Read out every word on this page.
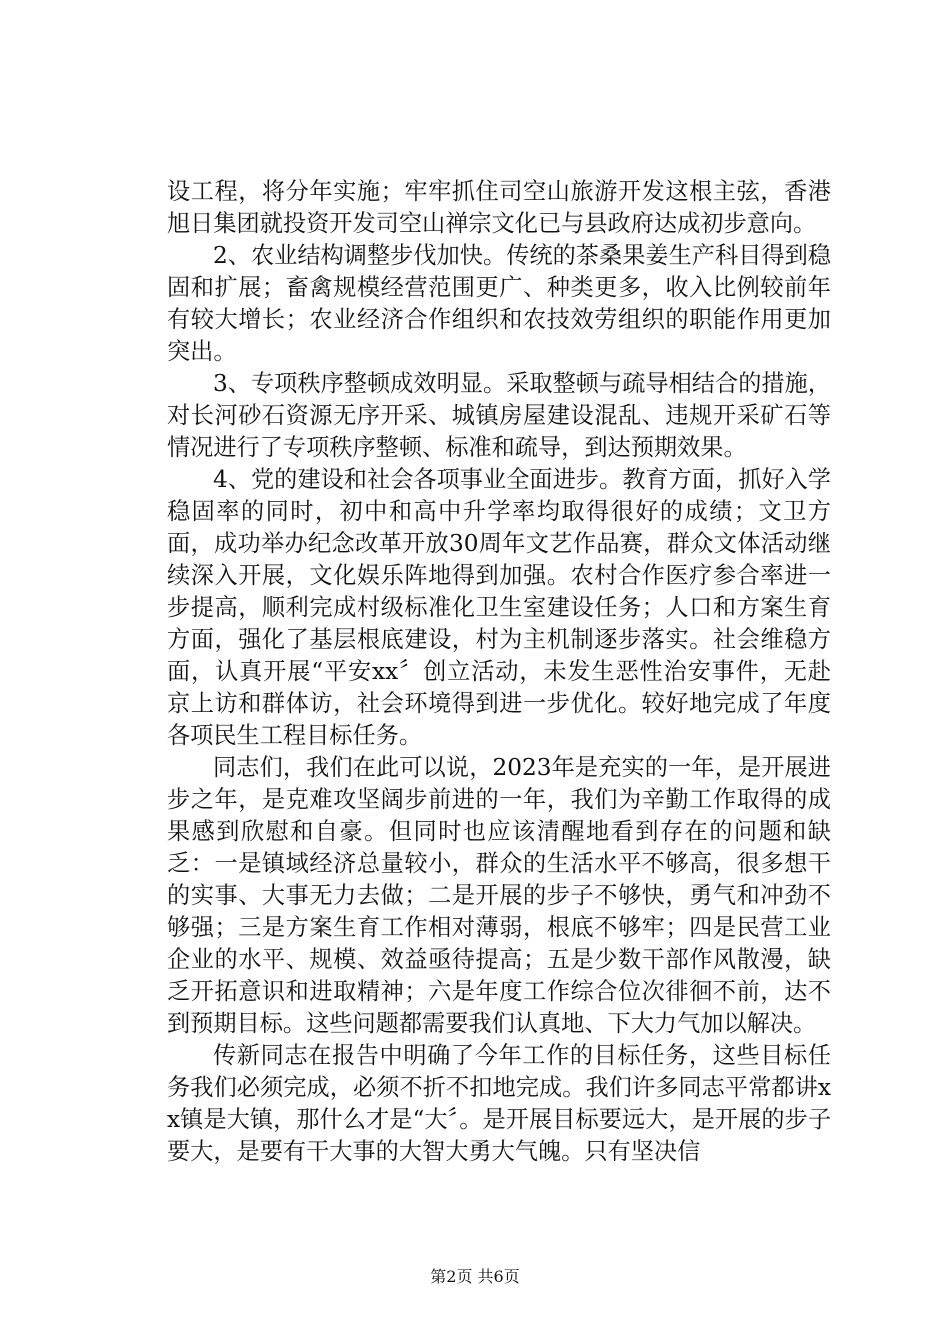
设工程，将分年实施；牢牢抓住司空山旅游开发这根主弦，香港旭日集团就投资开发司空山禅宗文化已与县政府达成初步意向。

2、农业结构调整步伐加快。传统的茶桑果姜生产科目得到稳固和扩展；畜禽规模经营范围更广、种类更多，收入比例较前年有较大增长；农业经济合作组织和农技效劳组织的职能作用更加突出。

3、专项秩序整顿成效明显。采取整顿与疏导相结合的措施，对长河砂石资源无序开采、城镇房屋建设混乱、违规开采矿石等情况进行了专项秩序整顿、标准和疏导，到达预期效果。

4、党的建设和社会各项事业全面进步。教育方面，抓好入学稳固率的同时，初中和高中升学率均取得很好的成绩；文卫方面，成功举办纪念改革开放30周年文艺作品赛，群众文体活动继续深入开展，文化娱乐阵地得到加强。农村合作医疗参合率进一步提高，顺利完成村级标准化卫生室建设任务；人口和方案生育方面，强化了基层根底建设，村为主机制逐步落实。社会维稳方面，认真开展“平安xx〞创立活动，未发生恶性治安事件，无赴京上访和群体访，社会环境得到进一步优化。较好地完成了年度各项民生工程目标任务。

同志们，我们在此可以说，2023年是充实的一年，是开展进步之年，是克难攻坚阔步前进的一年，我们为辛勤工作取得的成果感到欣慰和自豪。但同时也应该清醒地看到存在的问题和缺乏：一是镇域经济总量较小，群众的生活水平不够高，很多想干的实事、大事无力去做；二是开展的步子不够快，勇气和冲劲不够强；三是方案生育工作相对薄弱，根底不够牢；四是民营工业企业的水平、规模、效益亟待提高；五是少数干部作风散漫，缺乏开拓意识和进取精神；六是年度工作综合位次徘徊不前，达不到预期目标。这些问题都需要我们认真地、下大力气加以解决。

传新同志在报告中明确了今年工作的目标任务，这些目标任务我们必须完成，必须不折不扣地完成。我们许多同志平常都讲xx镇是大镇，那什么才是“大〞。是开展目标要远大，是开展的步子要大，是要有干大事的大智大勇大气魄。只有坚决信

第2页 共6页
